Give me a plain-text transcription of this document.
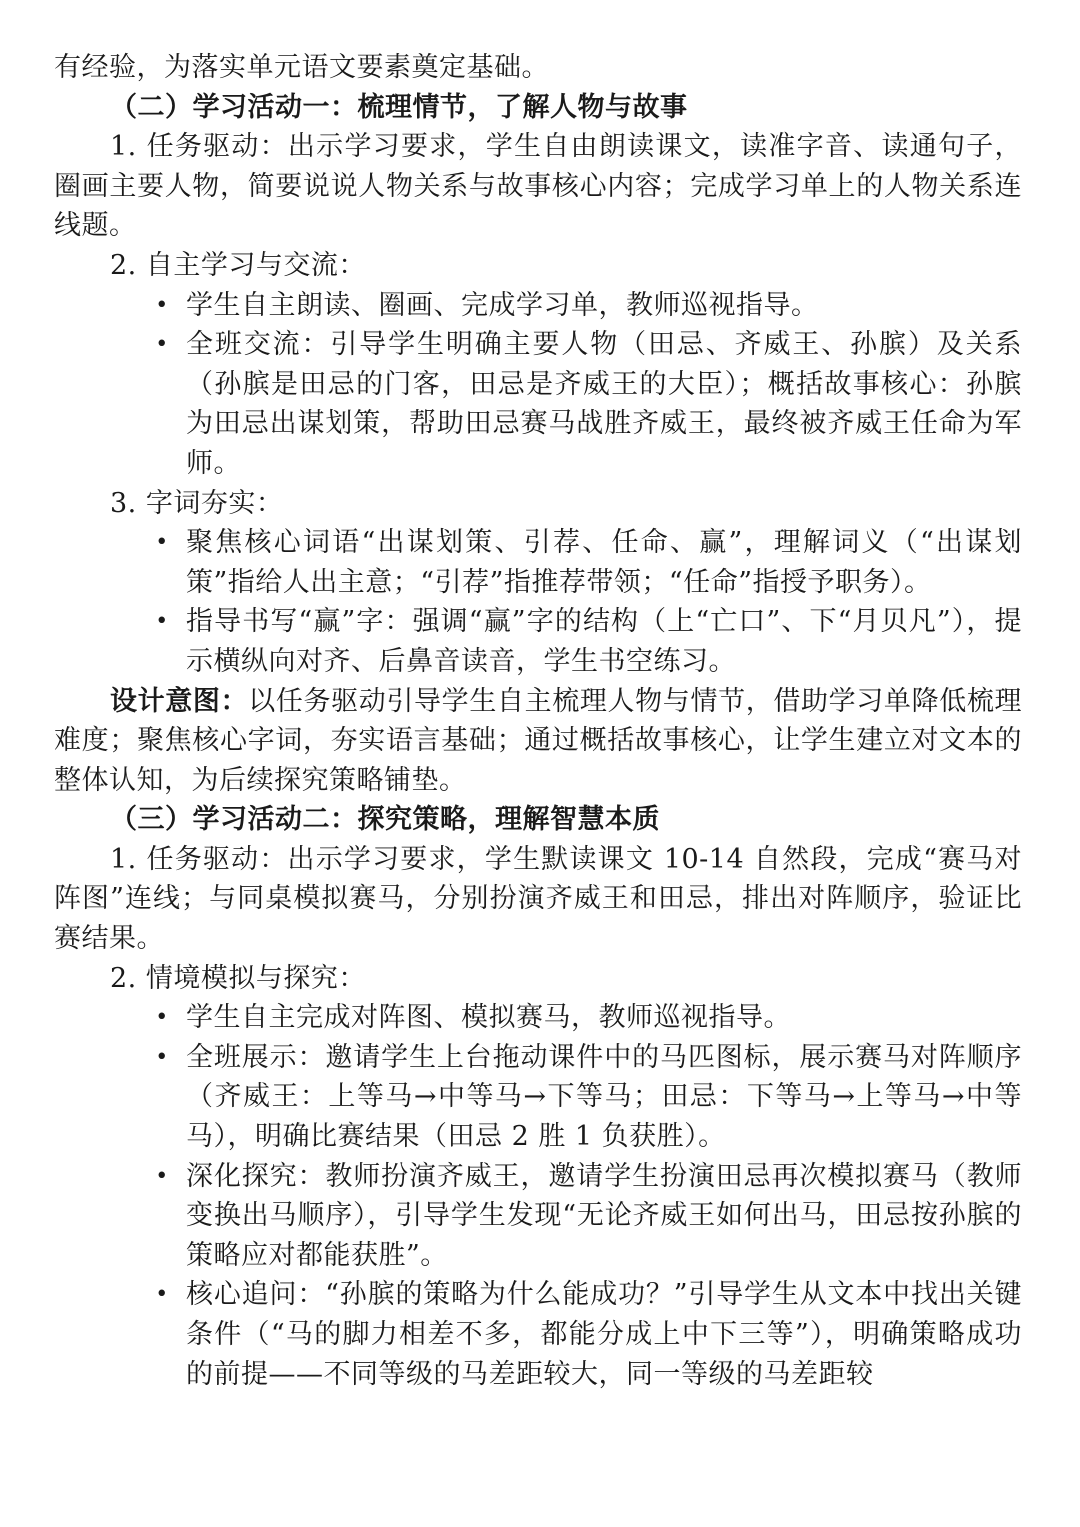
有经验，为落实单元语文要素奠定基础。

（二）学习活动一：梳理情节，了解人物与故事

1. 任务驱动：出示学习要求，学生自由朗读课文，读准字音、读通句子，圈画主要人物，简要说说人物关系与故事核心内容；完成学习单上的人物关系连线题。

2. 自主学习与交流：

• 学生自主朗读、圈画、完成学习单，教师巡视指导。
• 全班交流：引导学生明确主要人物（田忌、齐威王、孙膑）及关系（孙膑是田忌的门客，田忌是齐威王的大臣）；概括故事核心：孙膑为田忌出谋划策，帮助田忌赛马战胜齐威王，最终被齐威王任命为军师。

3. 字词夯实：

• 聚焦核心词语“出谋划策、引荐、任命、赢”，理解词义（“出谋划策”指给人出主意；“引荐”指推荐带领；“任命”指授予职务）。
• 指导书写“赢”字：强调“赢”字的结构（上“亡口”、下“月贝凡”），提示横纵向对齐、后鼻音读音，学生书空练习。

设计意图：以任务驱动引导学生自主梳理人物与情节，借助学习单降低梳理难度；聚焦核心字词，夯实语言基础；通过概括故事核心，让学生建立对文本的整体认知，为后续探究策略铺垫。

（三）学习活动二：探究策略，理解智慧本质

1. 任务驱动：出示学习要求，学生默读课文 10-14 自然段，完成“赛马对阵图”连线；与同桌模拟赛马，分别扮演齐威王和田忌，排出对阵顺序，验证比赛结果。

2. 情境模拟与探究：

• 学生自主完成对阵图、模拟赛马，教师巡视指导。
• 全班展示：邀请学生上台拖动课件中的马匹图标，展示赛马对阵顺序（齐威王：上等马→中等马→下等马；田忌：下等马→上等马→中等马），明确比赛结果（田忌 2 胜 1 负获胜）。
• 深化探究：教师扮演齐威王，邀请学生扮演田忌再次模拟赛马（教师变换出马顺序），引导学生发现“无论齐威王如何出马，田忌按孙膑的策略应对都能获胜”。
• 核心追问：“孙膑的策略为什么能成功？”引导学生从文本中找出关键条件（“马的脚力相差不多，都能分成上中下三等”），明确策略成功的前提——不同等级的马差距较大，同一等级的马差距较
